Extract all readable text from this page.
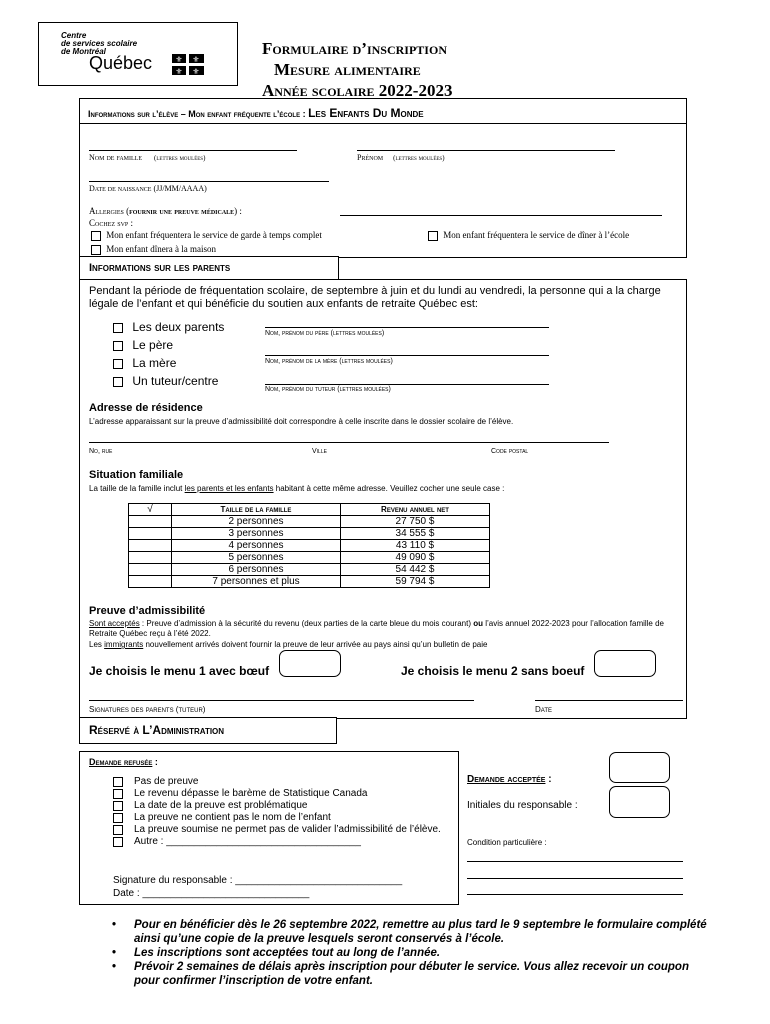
Centre
de services scolaire
de Montréal
Québec	⚜ ⚜
⚜ ⚜
Formulaire d’inscription
Mesure alimentaire
Année scolaire 2022-2023
Informations sur l’élève – Mon enfant fréquente l’école : Les Enfants Du Monde
Nom de famille (lettres moulées)	Prénom (lettres moulées)
Date de naissance (JJ/MM/AAAA)
Allergies (fournir une preuve médicale) :
Cochez svp :
Mon enfant fréquentera le service de garde à temps complet	Mon enfant fréquentera le service de dîner à l’école
Mon enfant dînera à la maison
Informations sur les parents
Pendant la période de fréquentation scolaire, de septembre à juin et du lundi au vendredi, la personne qui a la charge légale de l’enfant et qui bénéficie du soutien aux enfants de retraite Québec est:
Les deux parents
Le père
La mère
Un tuteur/centre
Nom, prénom du père (lettres moulées)
Nom, prénom de la mère (lettres moulées)
Nom, prénom du tuteur (lettres moulées)
Adresse de résidence
L’adresse apparaissant sur la preuve d’admissibilité doit correspondre à celle inscrite dans le dossier scolaire de l’élève.
No, rue	Ville	Code postal
Situation familiale
La taille de la famille inclut les parents et les enfants habitant à cette même adresse. Veuillez cocher une seule case :
√	Taille de la famille	Revenu annuel net
	2 personnes	27 750 $
	3 personnes	34 555 $
	4 personnes	43 110 $
	5 personnes	49 090 $
	6 personnes	54 442 $
	7 personnes et plus	59 794 $
Preuve d’admissibilité
Sont acceptés : Preuve d’admission à la sécurité du revenu (deux parties de la carte bleue du mois courant) ou l’avis annuel 2022-2023 pour l’allocation famille de Retraite Québec reçu à l’été 2022.
Les immigrants nouvellement arrivés doivent fournir la preuve de leur arrivée au pays ainsi qu’un bulletin de paie
Je choisis le menu 1 avec bœuf	Je choisis le menu 2 sans boeuf
Signatures des parents (tuteur)	Date
Réservé à L’Administration
Demande refusée :
Pas de preuve
Le revenu dépasse le barème de Statistique Canada
La date de la preuve est problématique
La preuve ne contient pas le nom de l’enfant
La preuve soumise ne permet pas de valider l’admissibilité de l’élève.
Autre : ___________________________________
Signature du responsable : ______________________________
Date : ______________________________
Demande acceptée :
Initiales du responsable :
Condition particulière :
• Pour en bénéficier dès le 26 septembre 2022, remettre au plus tard le 9 septembre le formulaire complété ainsi qu’une copie de la preuve lesquels seront conservés à l’école.
• Les inscriptions sont acceptées tout au long de l’année.
• Prévoir 2 semaines de délais après inscription pour débuter le service. Vous allez recevoir un coupon pour confirmer l’inscription de votre enfant.
